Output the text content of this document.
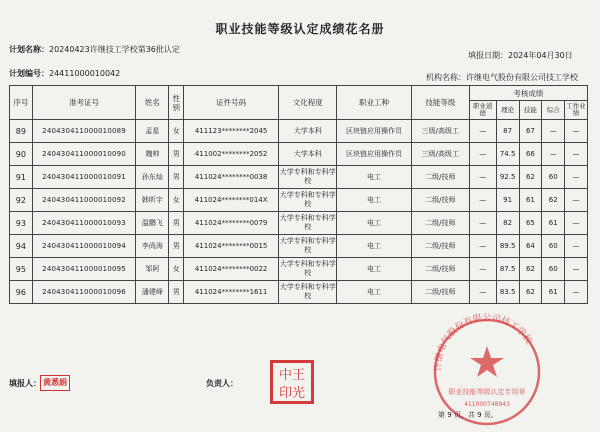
职业技能等级认定成绩花名册
计划名称：20240423许继技工学校第36批认定
填报日期：2024年04月30日
计划编号：24411000010042	机构名称：许继电气股份有限公司技工学校
序号	准考证号	姓名	性别	证件号码	文化程度	职业工种	技能等级	考核成绩				
								职业道德	理论	技能	综合	工作业绩
89	240430411000010089	孟星	女	411123********2045	大学本科	区块链应用操作员	三级/高级工	—	87	67	—	—
90	240430411000010090	魏帅	男	411002********2052	大学本科	区块链应用操作员	三级/高级工	—	74.5	66	—	—
91	240430411000010091	孙东灿	男	411024********0038	大学专科和专科学校	电工	二级/技师	—	92.5	62	60	—
92	240430411000010092	韩昕宇	女	411024********014X	大学专科和专科学校	电工	二级/技师	—	91	61	62	—
93	240430411000010093	温鹏飞	男	411024********0079	大学专科和专科学校	电工	二级/技师	—	82	65	61	—
94	240430411000010094	李尚涛	男	411024********0015	大学专科和专科学校	电工	二级/技师	—	89.5	64	60	—
95	240430411000010095	邹阿	女	411024********0022	大学专科和专科学校	电工	二级/技师	—	87.5	62	60	—
96	240430411000010096	潘建峰	男	411024********1611	大学专科和专科学校	电工	二级/技师	—	83.5	62	61	—
填报人： 黄悉娟	负责人：
中王
印光
许继电气股份有限公司技工学校
职业技能等级认定专用章
411000748943
第 9 页，共 9 页。
